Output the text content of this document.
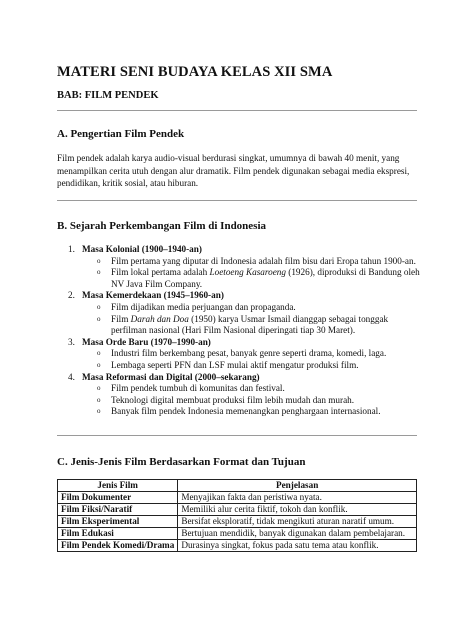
MATERI SENI BUDAYA KELAS XII SMA
BAB: FILM PENDEK
A. Pengertian Film Pendek
Film pendek adalah karya audio-visual berdurasi singkat, umumnya di bawah 40 menit, yang menampilkan cerita utuh dengan alur dramatik. Film pendek digunakan sebagai media ekspresi, pendidikan, kritik sosial, atau hiburan.
B. Sejarah Perkembangan Film di Indonesia
1. Masa Kolonial (1900–1940-an)
o	Film pertama yang diputar di Indonesia adalah film bisu dari Eropa tahun 1900-an.
o	Film lokal pertama adalah Loetoeng Kasaroeng (1926), diproduksi di Bandung oleh NV Java Film Company.
2. Masa Kemerdekaan (1945–1960-an)
o	Film dijadikan media perjuangan dan propaganda.
o	Film Darah dan Doa (1950) karya Usmar Ismail dianggap sebagai tonggak perfilman nasional (Hari Film Nasional diperingati tiap 30 Maret).
3. Masa Orde Baru (1970–1990-an)
o	Industri film berkembang pesat, banyak genre seperti drama, komedi, laga.
o	Lembaga seperti PFN dan LSF mulai aktif mengatur produksi film.
4. Masa Reformasi dan Digital (2000–sekarang)
o	Film pendek tumbuh di komunitas dan festival.
o	Teknologi digital membuat produksi film lebih mudah dan murah.
o	Banyak film pendek Indonesia memenangkan penghargaan internasional.
C. Jenis-Jenis Film Berdasarkan Format dan Tujuan
Jenis Film	Penjelasan
Film Dokumenter	Menyajikan fakta dan peristiwa nyata.
Film Fiksi/Naratif	Memiliki alur cerita fiktif, tokoh dan konflik.
Film Eksperimental	Bersifat eksploratif, tidak mengikuti aturan naratif umum.
Film Edukasi	Bertujuan mendidik, banyak digunakan dalam pembelajaran.
Film Pendek Komedi/Drama	Durasinya singkat, fokus pada satu tema atau konflik.
